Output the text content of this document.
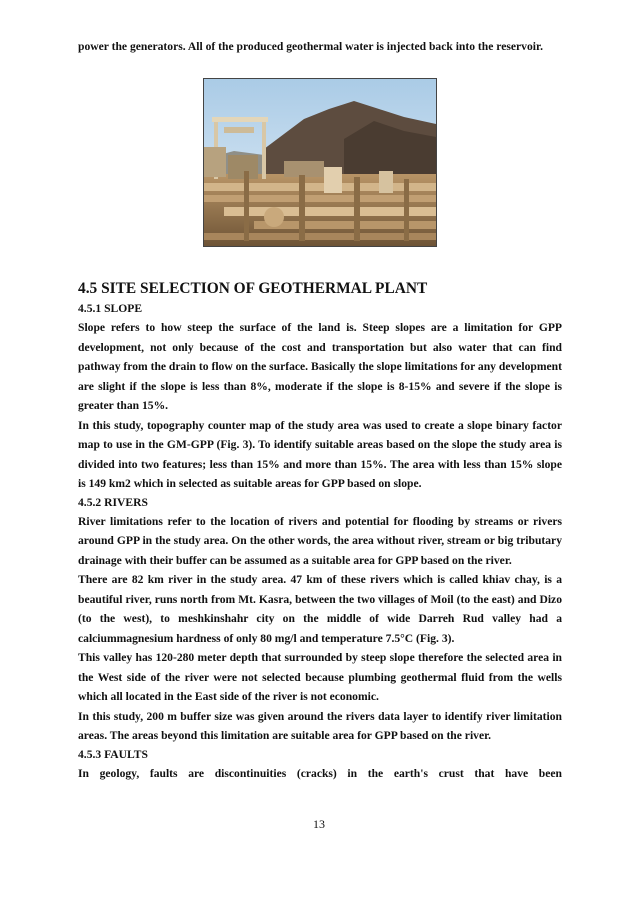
power the generators. All of the produced geothermal water is injected back into the reservoir.

4.5 SITE SELECTION OF GEOTHERMAL PLANT
4.5.1 SLOPE

Slope refers to how steep the surface of the land is. Steep slopes are a limitation for GPP development, not only because of the cost and transportation but also water that can find pathway from the drain to flow on the surface. Basically the slope limitations for any development are slight if the slope is less than 8%, moderate if the slope is 8-15% and severe if the slope is greater than 15%.

In this study, topography counter map of the study area was used to create a slope binary factor map to use in the GM-GPP (Fig. 3). To identify suitable areas based on the slope the study area is divided into two features; less than 15% and more than 15%. The area with less than 15% slope is 149 km2 which in selected as suitable areas for GPP based on slope.

4.5.2 RIVERS

River limitations refer to the location of rivers and potential for flooding by streams or rivers around GPP in the study area. On the other words, the area without river, stream or big tributary drainage with their buffer can be assumed as a suitable area for GPP based on the river.

There are 82 km river in the study area. 47 km of these rivers which is called khiav chay, is a beautiful river, runs north from Mt. Kasra, between the two villages of Moil (to the east) and Dizo (to the west), to meshkinshahr city on the middle of wide Darreh Rud valley had a calciummagnesium hardness of only 80 mg/l and temperature 7.5°C (Fig. 3).

This valley has 120-280 meter depth that surrounded by steep slope therefore the selected area in the West side of the river were not selected because plumbing geothermal fluid from the wells which all located in the East side of the river is not economic.

In this study, 200 m buffer size was given around the rivers data layer to identify river limitation areas. The areas beyond this limitation are suitable area for GPP based on the river.

4.5.3 FAULTS

In geology, faults are discontinuities (cracks) in the earth's crust that have been

13
